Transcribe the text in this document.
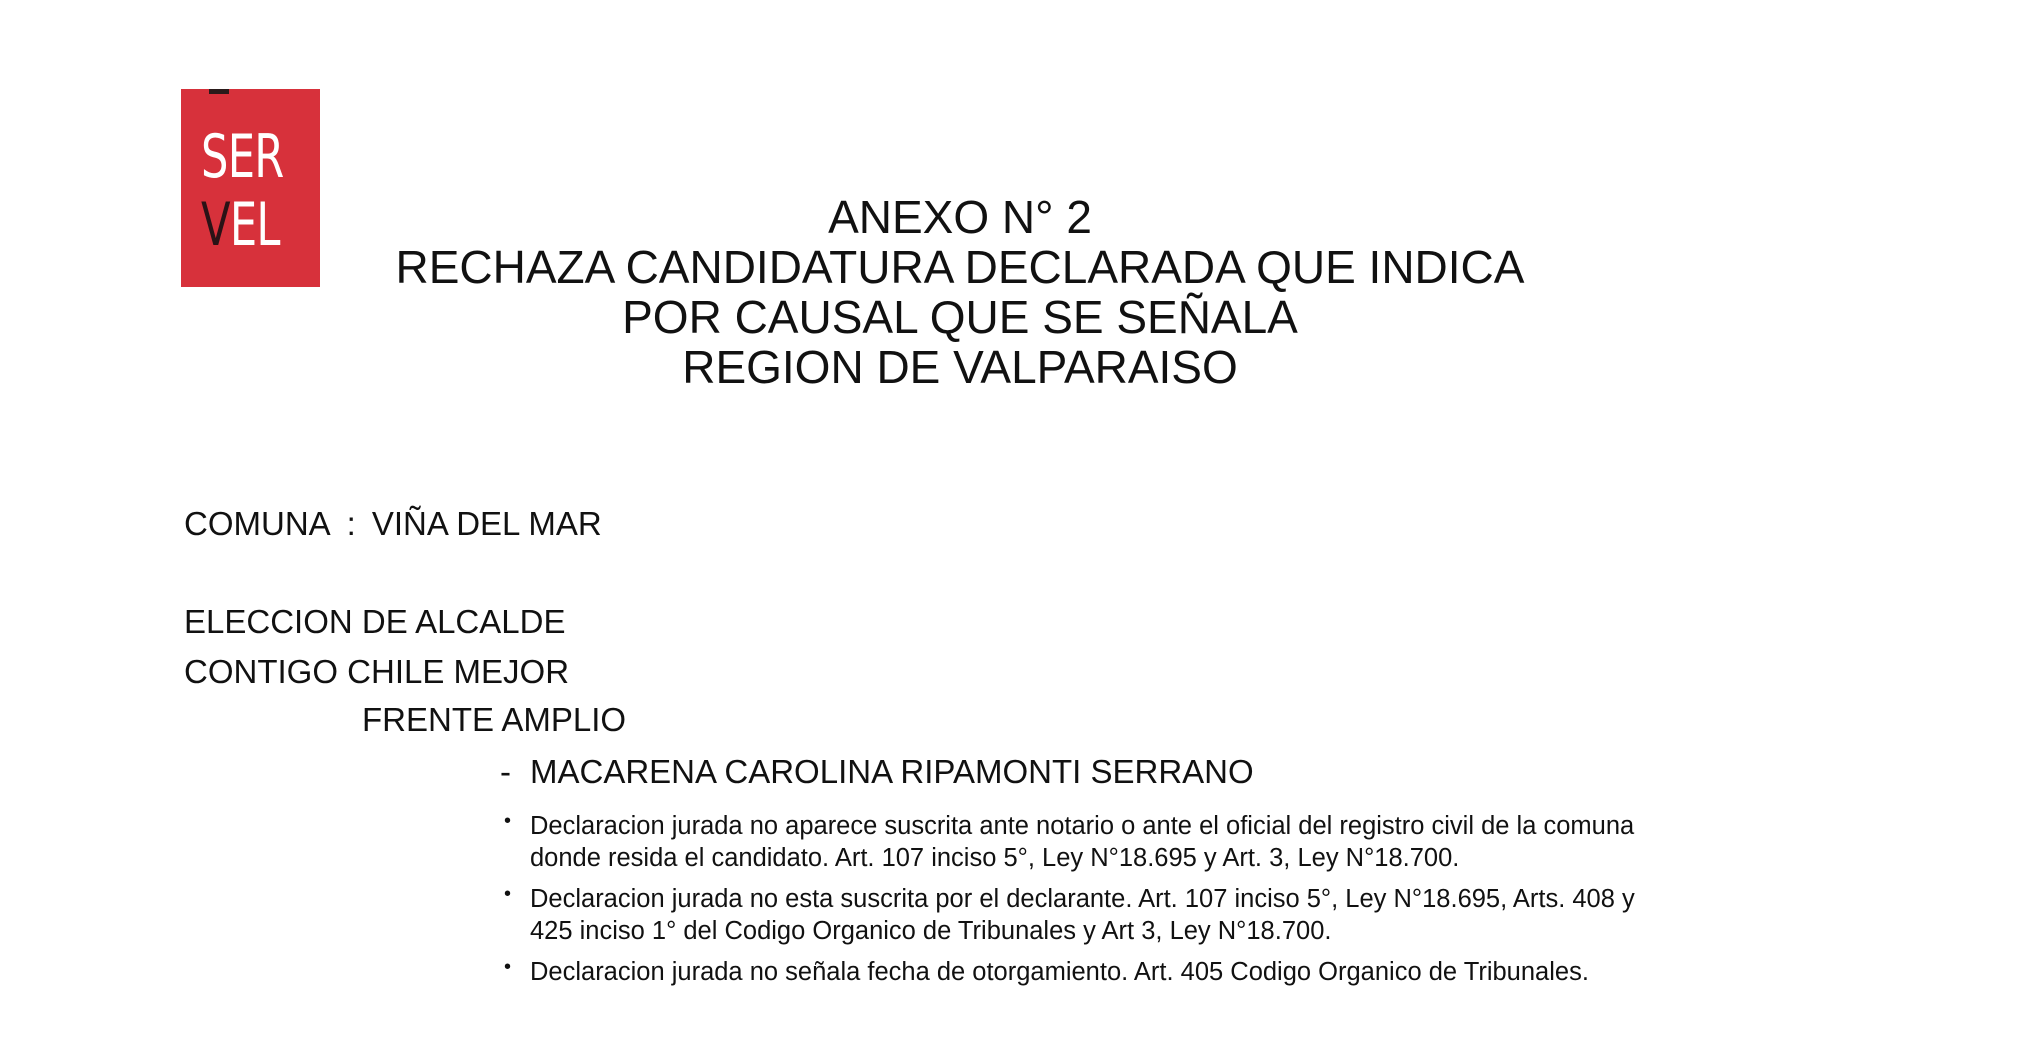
SER
VEL	ANEXO N° 2
RECHAZA CANDIDATURA DECLARADA QUE INDICA
POR CAUSAL QUE SE SEÑALA
REGION DE VALPARAISO
COMUNA : VIÑA DEL MAR
ELECCION DE ALCALDE
CONTIGO CHILE MEJOR
FRENTE AMPLIO
- MACARENA CAROLINA RIPAMONTI SERRANO
• Declaracion jurada no aparece suscrita ante notario o ante el oficial del registro civil de la comuna
donde resida el candidato. Art. 107 inciso 5°, Ley N°18.695 y Art. 3, Ley N°18.700.
• Declaracion jurada no esta suscrita por el declarante. Art. 107 inciso 5°, Ley N°18.695, Arts. 408 y
425 inciso 1° del Codigo Organico de Tribunales y Art 3, Ley N°18.700.
• Declaracion jurada no señala fecha de otorgamiento. Art. 405 Codigo Organico de Tribunales.
